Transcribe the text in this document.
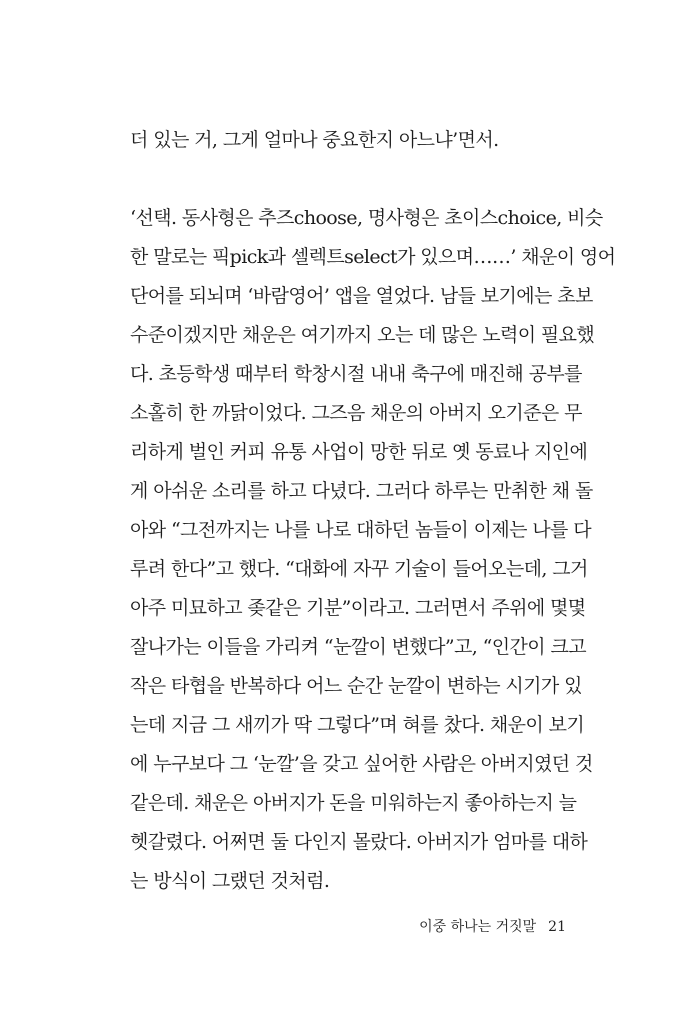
더 있는 거, 그게 얼마나 중요한지 아느냐’면서.
‘선택. 동사형은 추즈choose, 명사형은 초이스choice, 비슷
한 말로는 픽pick과 셀렉트select가 있으며……’ 채운이 영어
단어를 되뇌며 ‘바람영어’ 앱을 열었다. 남들 보기에는 초보
수준이겠지만 채운은 여기까지 오는 데 많은 노력이 필요했
다. 초등학생 때부터 학창시절 내내 축구에 매진해 공부를
소홀히 한 까닭이었다. 그즈음 채운의 아버지 오기준은 무
리하게 벌인 커피 유통 사업이 망한 뒤로 옛 동료나 지인에
게 아쉬운 소리를 하고 다녔다. 그러다 하루는 만취한 채 돌
아와 “그전까지는 나를 나로 대하던 놈들이 이제는 나를 다
루려 한다”고 했다. “대화에 자꾸 기술이 들어오는데, 그거
아주 미묘하고 좆같은 기분”이라고. 그러면서 주위에 몇몇
잘나가는 이들을 가리켜 “눈깔이 변했다”고, “인간이 크고
작은 타협을 반복하다 어느 순간 눈깔이 변하는 시기가 있
는데 지금 그 새끼가 딱 그렇다”며 혀를 찼다. 채운이 보기
에 누구보다 그 ‘눈깔’을 갖고 싶어한 사람은 아버지였던 것
같은데. 채운은 아버지가 돈을 미워하는지 좋아하는지 늘
헷갈렸다. 어쩌면 둘 다인지 몰랐다. 아버지가 엄마를 대하
는 방식이 그랬던 것처럼.
이중 하나는 거짓말 21
